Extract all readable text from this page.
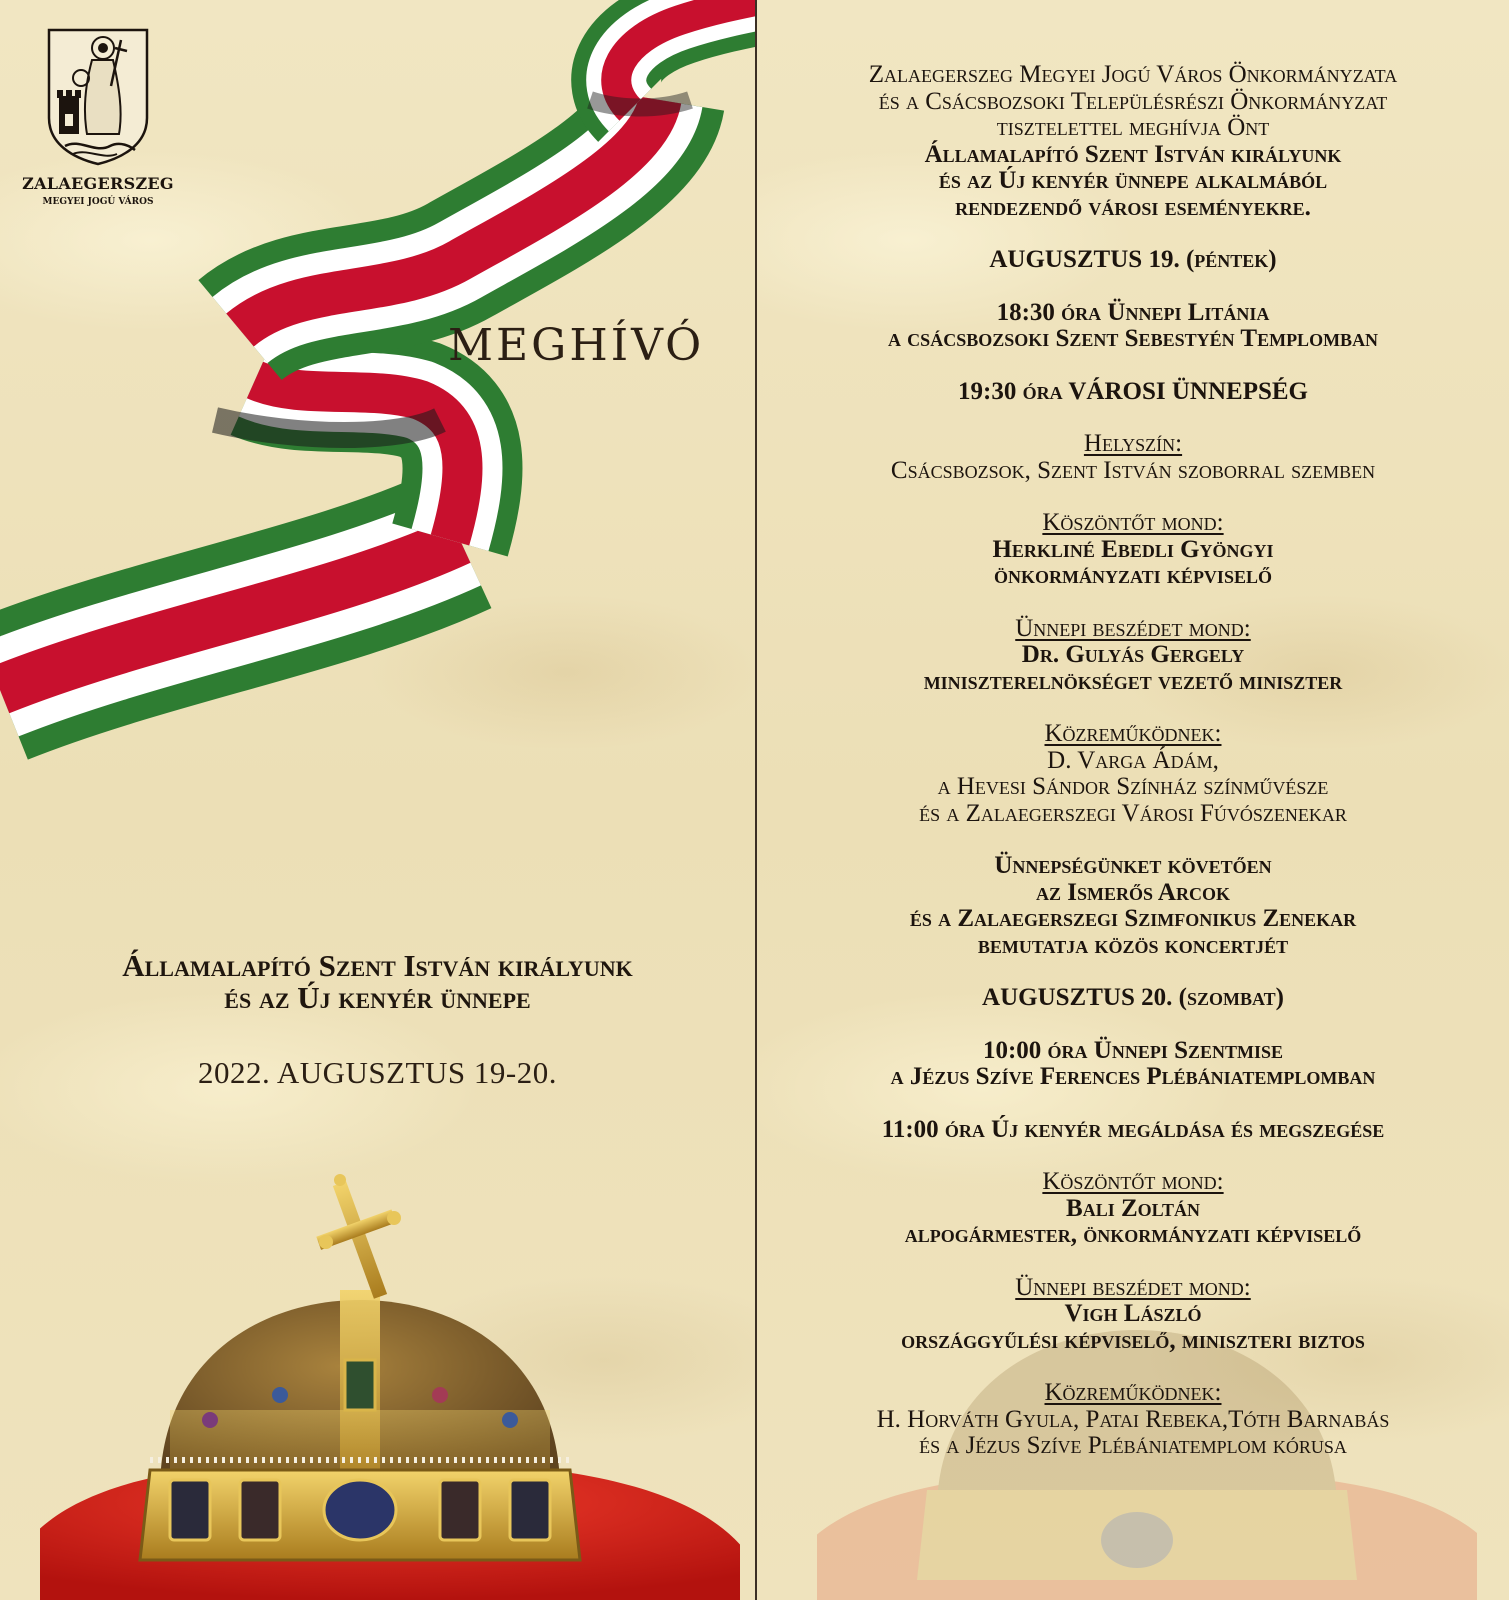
ZALAEGERSZEG
MEGYEI JOGÚ VÁROS
MEGHÍVÓ
Államalapító Szent István királyunk
és az Új kenyér ünnepe
2022. AUGUSZTUS 19-20.
Zalaegerszeg Megyei Jogú Város Önkormányzata
és a Csácsbozsoki Településrészi Önkormányzat
tisztelettel meghívja Önt
Államalapító Szent István királyunk
és az Új kenyér ünnepe alkalmából
rendezendő városi eseményekre.
AUGUSZTUS 19. (péntek)
18:30 óra Ünnepi Litánia
a csácsbozsoki Szent Sebestyén Templomban
19:30 óra VÁROSI ÜNNEPSÉG
Helyszín:
Csácsbozsok, Szent István szoborral szemben
Köszöntőt mond:
Herkliné Ebedli Gyöngyi
önkormányzati képviselő
Ünnepi beszédet mond:
Dr. Gulyás Gergely
miniszterelnökséget vezető miniszter
Közreműködnek:
D. Varga Ádám,
a Hevesi Sándor Színház színművésze
és a Zalaegerszegi Városi Fúvószenekar
Ünnepségünket követően
az Ismerős Arcok
és a Zalaegerszegi Szimfonikus Zenekar
bemutatja közös koncertjét
AUGUSZTUS 20. (szombat)
10:00 óra Ünnepi Szentmise
a Jézus Szíve Ferences Plébániatemplomban
11:00 óra Új kenyér megáldása és megszegése
Köszöntőt mond:
Bali Zoltán
alpogármester, önkormányzati képviselő
Ünnepi beszédet mond:
Vigh László
országgyűlési képviselő, miniszteri biztos
Közreműködnek:
H. Horváth Gyula, Patai Rebeka,Tóth Barnabás
és a Jézus Szíve Plébániatemplom kórusa
